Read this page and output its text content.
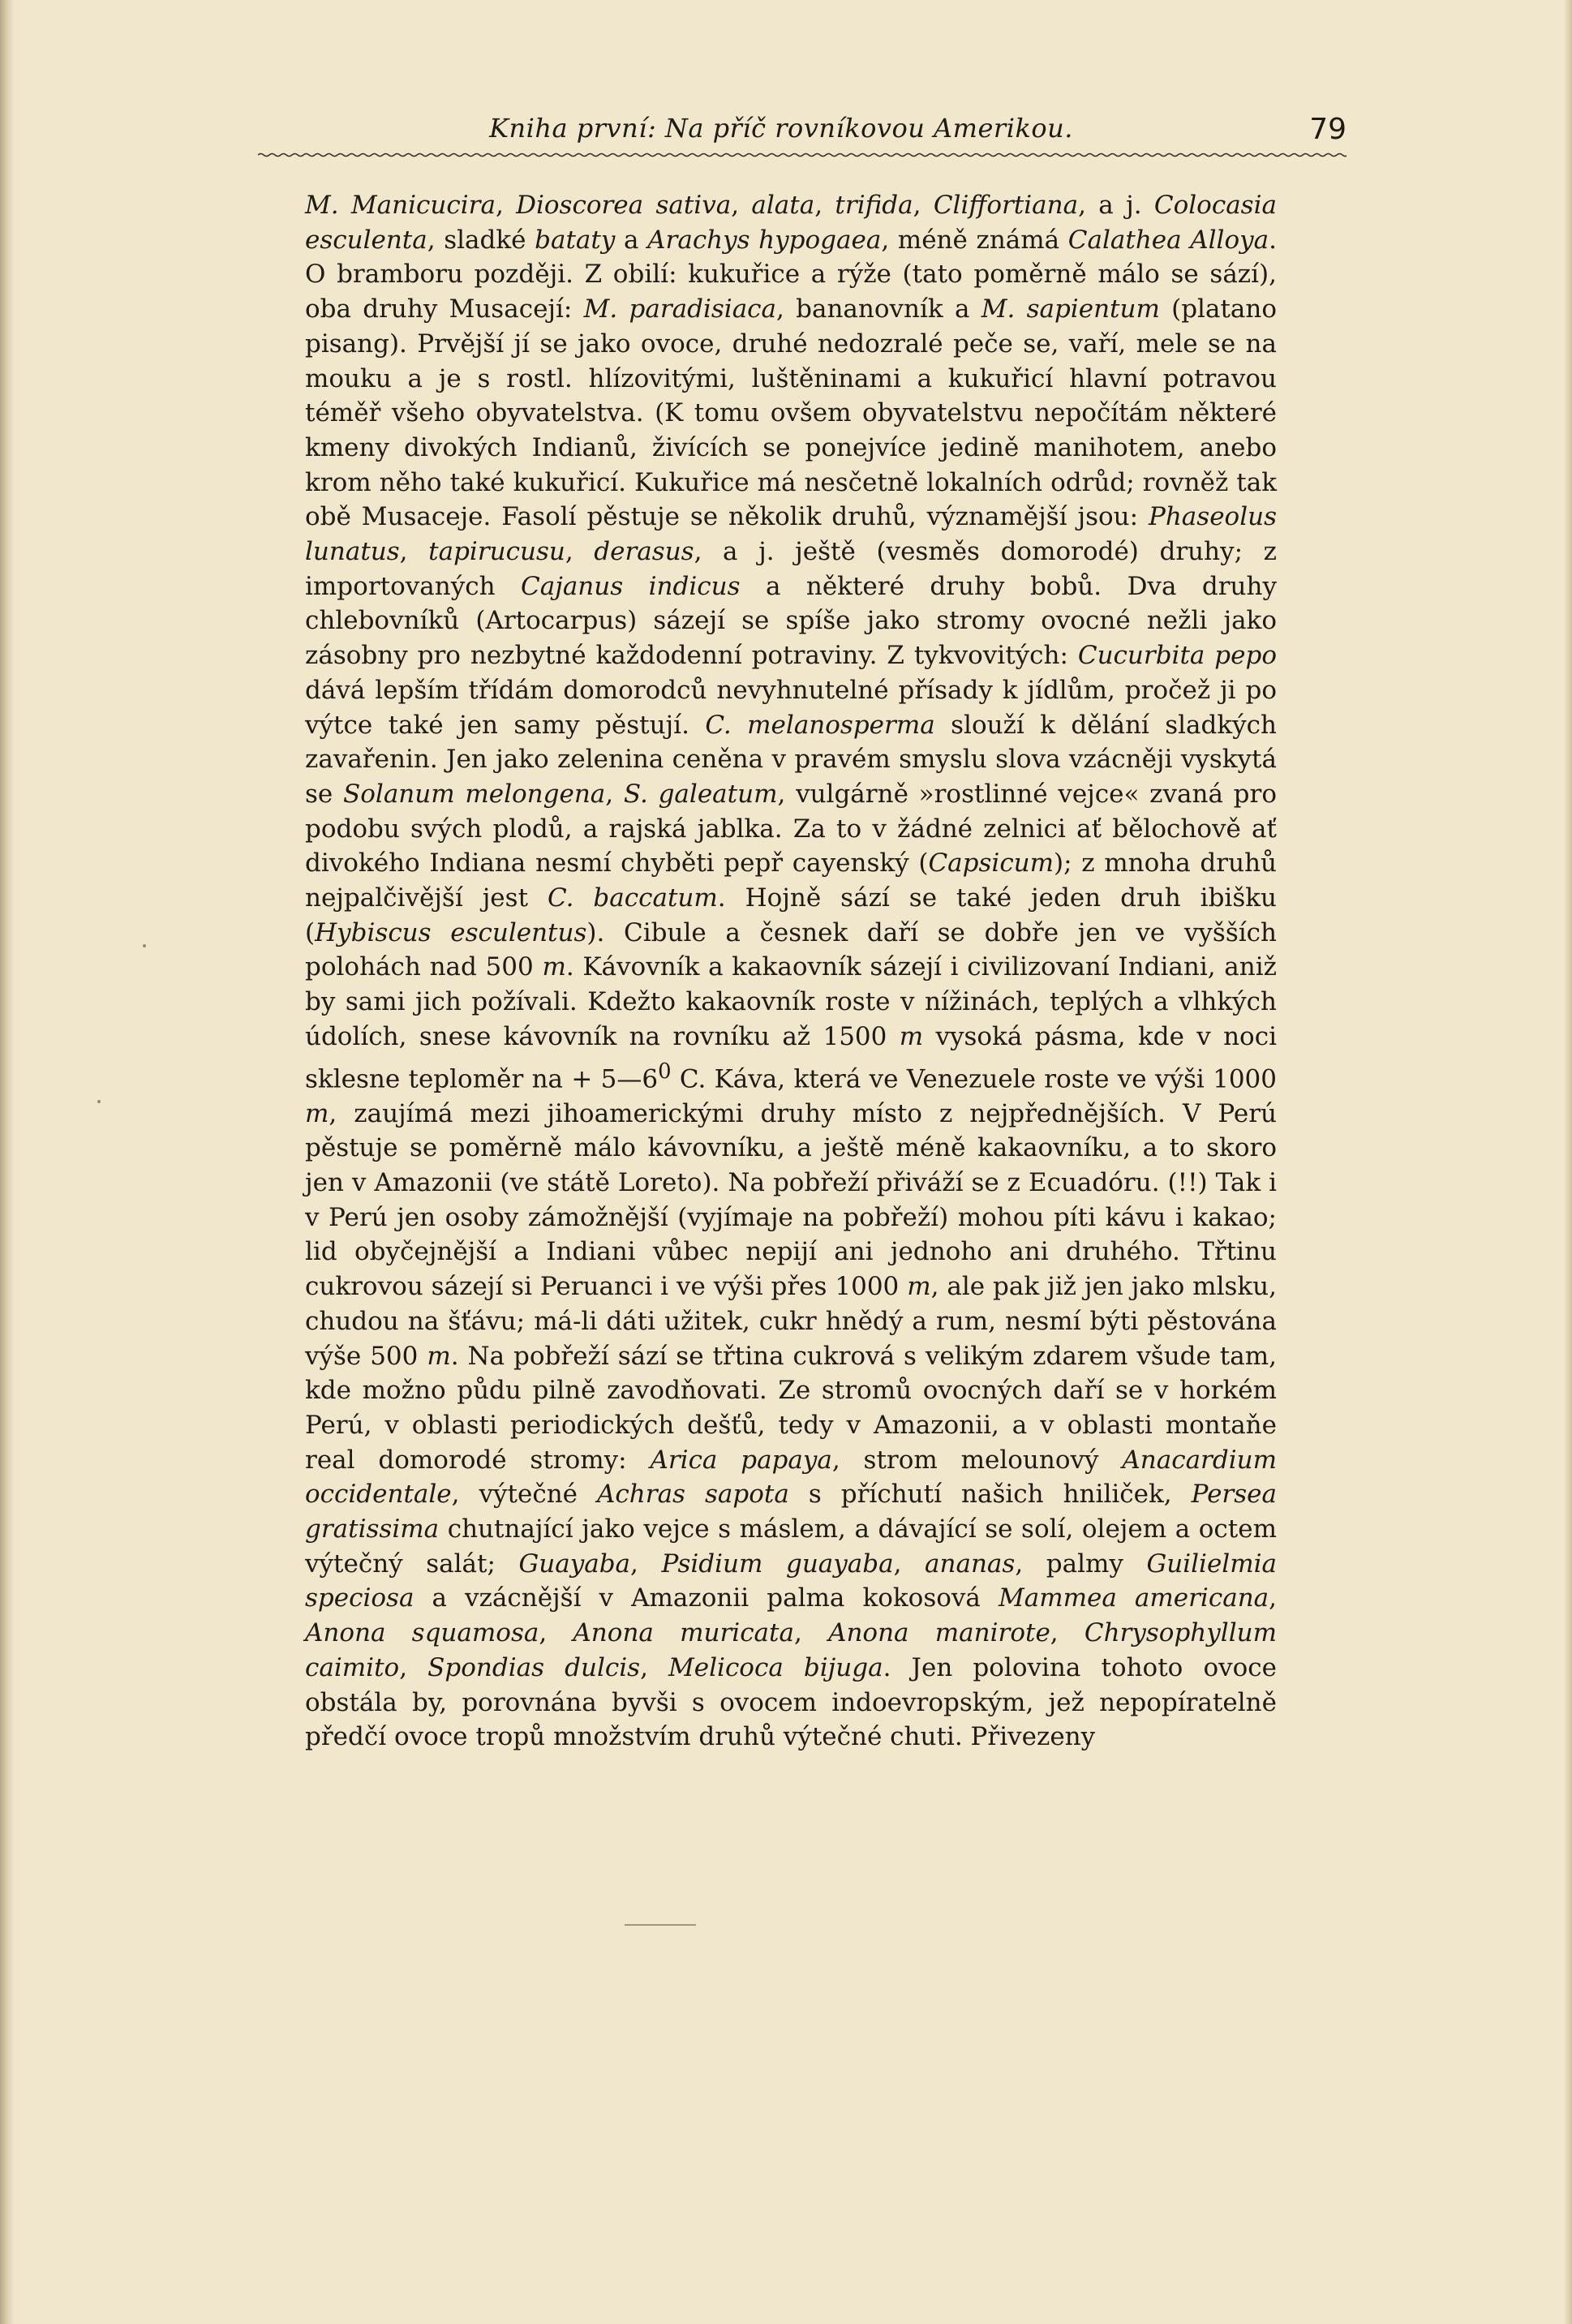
Kniha první: Na příč rovníkovou Amerikou.	79

M. Manicucira, Dioscorea sativa, alata, trifida, Cliffortiana, a j. Colocasia esculenta, sladké bataty a Arachys hypogaea, méně známá Calathea Alloya. O bramboru později. Z obilí: kukuřice a rýže (tato poměrně málo se sází), oba druhy Musacejí: M. paradisiaca, bananovník a M. sapientum (platano pisang). Prvější jí se jako ovoce, druhé nedozralé peče se, vaří, mele se na mouku a je s rostl. hlízovitými, luštěninami a kukuřicí hlavní potravou téměř všeho obyvatelstva. (K tomu ovšem obyvatelstvu nepočítám některé kmeny divokých Indianů, živících se ponejvíce jedině manihotem, anebo krom něho také kukuřicí. Kukuřice má nesčetně lokalních odrůd; rovněž tak obě Musaceje. Fasolí pěstuje se několik druhů, významější jsou: Phaseolus lunatus, tapirucusu, derasus, a j. ještě (vesměs domorodé) druhy; z importovaných Cajanus indicus a některé druhy bobů. Dva druhy chlebovníků (Artocarpus) sázejí se spíše jako stromy ovocné nežli jako zásobny pro nezbytné každodenní potraviny. Z tykvovitých: Cucurbita pepo dává lepším třídám domorodců nevyhnutelné přísady k jídlům, pročež ji po výtce také jen samy pěstují. C. melanosperma slouží k dělání sladkých zavařenin. Jen jako zelenina ceněna v pravém smyslu slova vzácněji vyskytá se Solanum melongena, S. galeatum, vulgárně »rostlinné vejce« zvaná pro podobu svých plodů, a rajská jablka. Za to v žádné zelnici ať bělochově ať divokého Indiana nesmí chyběti pepř cayenský (Capsicum); z mnoha druhů nejpalčivější jest C. baccatum. Hojně sází se také jeden druh ibišku (Hybiscus esculentus). Cibule a česnek daří se dobře jen ve vyšších polohách nad 500 m. Kávovník a kakaovník sázejí i civilizovaní Indiani, aniž by sami jich požívali. Kdežto kakaovník roste v nížinách, teplých a vlhkých údolích, snese kávovník na rovníku až 1500 m vysoká pásma, kde v noci sklesne teploměr na + $5—6^0$ C. Káva, která ve Venezuele roste ve výši 1000 m, zaujímá mezi jihoamerickými druhy místo z nejpřednějších. V Perú pěstuje se poměrně málo kávovníku, a ještě méně kakaovníku, a to skoro jen v Amazonii (ve státě Loreto). Na pobřeží přiváží se z Ecuadóru. (!!) Tak i v Perú jen osoby zámožnější (vyjímaje na pobřeží) mohou píti kávu i kakao; lid obyčejnější a Indiani vůbec nepijí ani jednoho ani druhého. Třtinu cukrovou sázejí si Peruanci i ve výši přes 1000 m, ale pak již jen jako mlsku, chudou na šťávu; má-li dáti užitek, cukr hnědý a rum, nesmí býti pěstována výše 500 m. Na pobřeží sází se třtina cukrová s velikým zdarem všude tam, kde možno půdu pilně zavodňovati. Ze stromů ovocných daří se v horkém Perú, v oblasti periodických dešťů, tedy v Amazonii, a v oblasti montaňe real domorodé stromy: Arica papaya, strom melounový Anacardium occidentale, výtečné Achras sapota s příchutí našich hniliček, Persea gratissima chutnající jako vejce s máslem, a dávající se solí, olejem a octem výtečný salát; Guayaba, Psidium guayaba, ananas, palmy Guilielmia speciosa a vzácnější v Amazonii palma kokosová Mammea americana, Anona squamosa, Anona muricata, Anona manirote, Chrysophyllum caimito, Spondias dulcis, Melicoca bijuga. Jen polovina tohoto ovoce obstála by, porovnána byvši s ovocem indoevropským, jež nepopíratelně předčí ovoce tropů množstvím druhů výtečné chuti. Přivezeny
